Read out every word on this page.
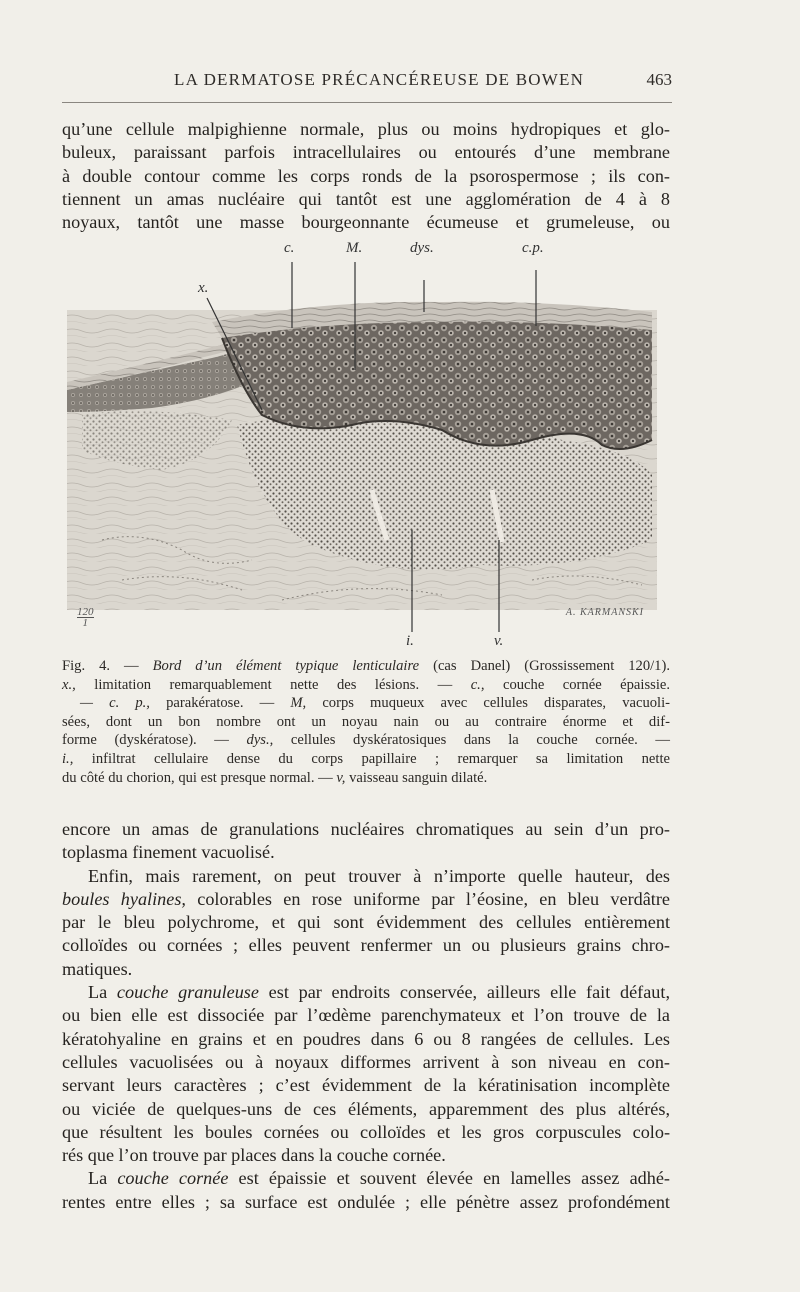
LA DERMATOSE PRÉCANCÉREUSE DE BOWEN	463
qu’une cellule malpighienne normale, plus ou moins hydropiques et glo-
buleux, paraissant parfois intracellulaires ou entourés d’une membrane
à double contour comme les corps ronds de la psorospermose ; ils con-
tiennent un amas nucléaire qui tantôt est une agglomération de 4 à 8
noyaux, tantôt une masse bourgeonnante écumeuse et grumeleuse, ou
c.	M.	dys.	c.p.
x.
i.	v.
$\frac{120}{1}$	A. KARMANSKI
Fig. 4. — Bord d’un élément typique lenticulaire (cas Danel) (Grossissement 120/1).
x., limitation remarquablement nette des lésions. — c., couche cornée épaissie.
— c. p., parakératose. — M, corps muqueux avec cellules disparates, vacuoli-
sées, dont un bon nombre ont un noyau nain ou au contraire énorme et dif-
forme (dyskératose). — dys., cellules dyskératosiques dans la couche cornée. —
i., infiltrat cellulaire dense du corps papillaire ; remarquer sa limitation nette
du côté du chorion, qui est presque normal. — v, vaisseau sanguin dilaté.
encore un amas de granulations nucléaires chromatiques au sein d’un pro-
toplasma finement vacuolisé.
Enfin, mais rarement, on peut trouver à n’importe quelle hauteur, des
boules hyalines, colorables en rose uniforme par l’éosine, en bleu verdâtre
par le bleu polychrome, et qui sont évidemment des cellules entièrement
colloïdes ou cornées ; elles peuvent renfermer un ou plusieurs grains chro-
matiques.
La couche granuleuse est par endroits conservée, ailleurs elle fait défaut,
ou bien elle est dissociée par l’œdème parenchymateux et l’on trouve de la
kératohyaline en grains et en poudres dans 6 ou 8 rangées de cellules. Les
cellules vacuolisées ou à noyaux difformes arrivent à son niveau en con-
servant leurs caractères ; c’est évidemment de la kératinisation incomplète
ou viciée de quelques-uns de ces éléments, apparemment des plus altérés,
que résultent les boules cornées ou colloïdes et les gros corpuscules colo-
rés que l’on trouve par places dans la couche cornée.
La couche cornée est épaissie et souvent élevée en lamelles assez adhé-
rentes entre elles ; sa surface est ondulée ; elle pénètre assez profondément
